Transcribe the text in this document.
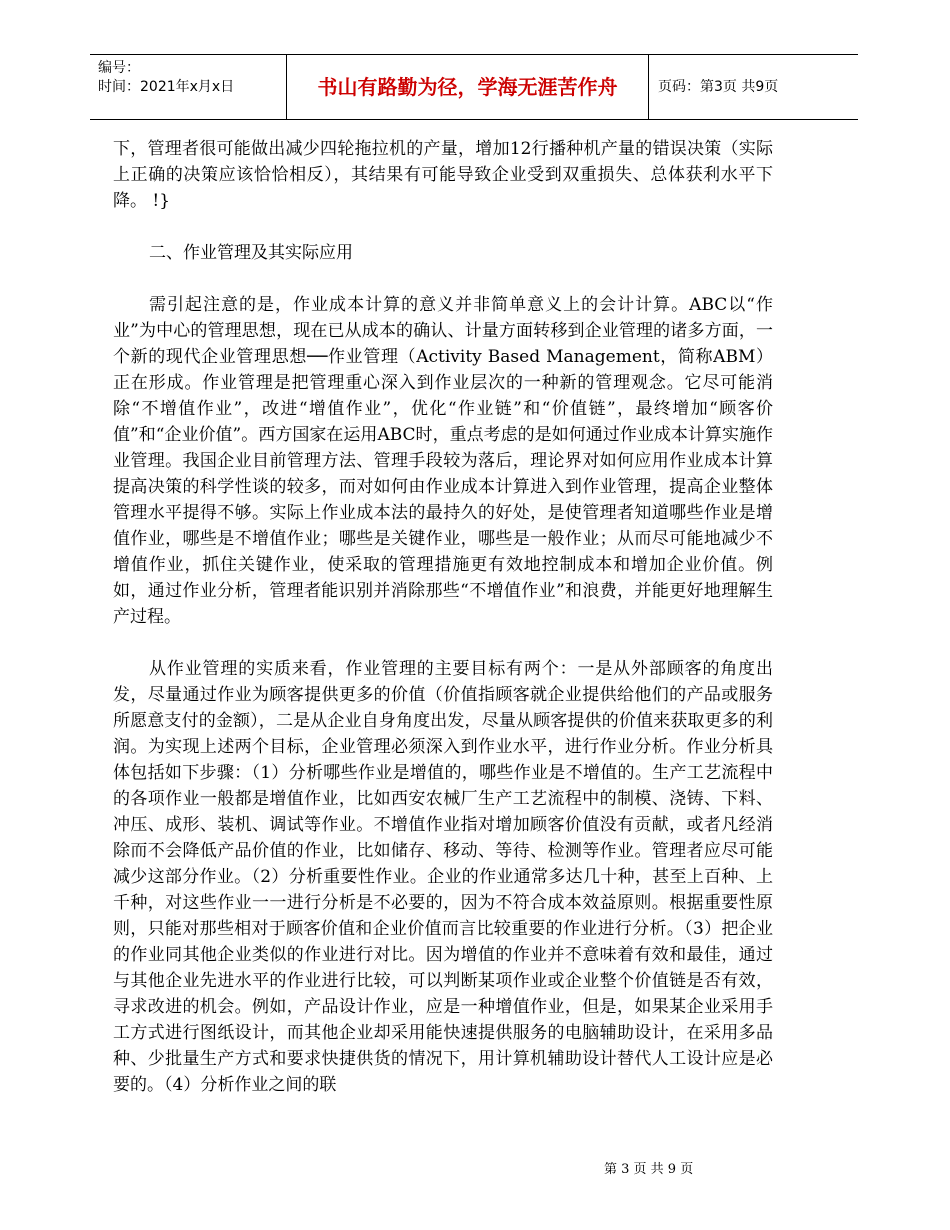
编号：
时间：2021年x月x日	书山有路勤为径，学海无涯苦作舟	页码：第3页 共9页

下，管理者很可能做出减少四轮拖拉机的产量，增加12行播种机产量的错误决策（实际上正确的决策应该恰恰相反），其结果有可能导致企业受到双重损失、总体获利水平下降。 !}

二、作业管理及其实际应用

需引起注意的是，作业成本计算的意义并非简单意义上的会计计算。ABC以“作业”为中心的管理思想，现在已从成本的确认、计量方面转移到企业管理的诸多方面，一个新的现代企业管理思想──作业管理（Activity Based Management，简称ABM）正在形成。作业管理是把管理重心深入到作业层次的一种新的管理观念。它尽可能消除“不增值作业”，改进“增值作业”，优化“作业链”和“价值链”，最终增加“顾客价值”和“企业价值”。西方国家在运用ABC时，重点考虑的是如何通过作业成本计算实施作业管理。我国企业目前管理方法、管理手段较为落后，理论界对如何应用作业成本计算提高决策的科学性谈的较多，而对如何由作业成本计算进入到作业管理，提高企业整体管理水平提得不够。实际上作业成本法的最持久的好处，是使管理者知道哪些作业是增值作业，哪些是不增值作业；哪些是关键作业，哪些是一般作业；从而尽可能地减少不增值作业，抓住关键作业，使采取的管理措施更有效地控制成本和增加企业价值。例如，通过作业分析，管理者能识别并消除那些“不增值作业”和浪费，并能更好地理解生产过程。

从作业管理的实质来看，作业管理的主要目标有两个：一是从外部顾客的角度出发，尽量通过作业为顾客提供更多的价值（价值指顾客就企业提供给他们的产品或服务所愿意支付的金额），二是从企业自身角度出发，尽量从顾客提供的价值来获取更多的利润。为实现上述两个目标，企业管理必须深入到作业水平，进行作业分析。作业分析具体包括如下步骤：（1）分析哪些作业是增值的，哪些作业是不增值的。生产工艺流程中的各项作业一般都是增值作业，比如西安农械厂生产工艺流程中的制模、浇铸、下料、冲压、成形、装机、调试等作业。不增值作业指对增加顾客价值没有贡献，或者凡经消除而不会降低产品价值的作业，比如储存、移动、等待、检测等作业。管理者应尽可能减少这部分作业。（2）分析重要性作业。企业的作业通常多达几十种，甚至上百种、上千种，对这些作业一一进行分析是不必要的，因为不符合成本效益原则。根据重要性原则，只能对那些相对于顾客价值和企业价值而言比较重要的作业进行分析。（3）把企业的作业同其他企业类似的作业进行对比。因为增值的作业并不意味着有效和最佳，通过与其他企业先进水平的作业进行比较，可以判断某项作业或企业整个价值链是否有效，寻求改进的机会。例如，产品设计作业，应是一种增值作业，但是，如果某企业采用手工方式进行图纸设计，而其他企业却采用能快速提供服务的电脑辅助设计，在采用多品种、少批量生产方式和要求快捷供货的情况下，用计算机辅助设计替代人工设计应是必要的。（4）分析作业之间的联

第 3 页 共 9 页
